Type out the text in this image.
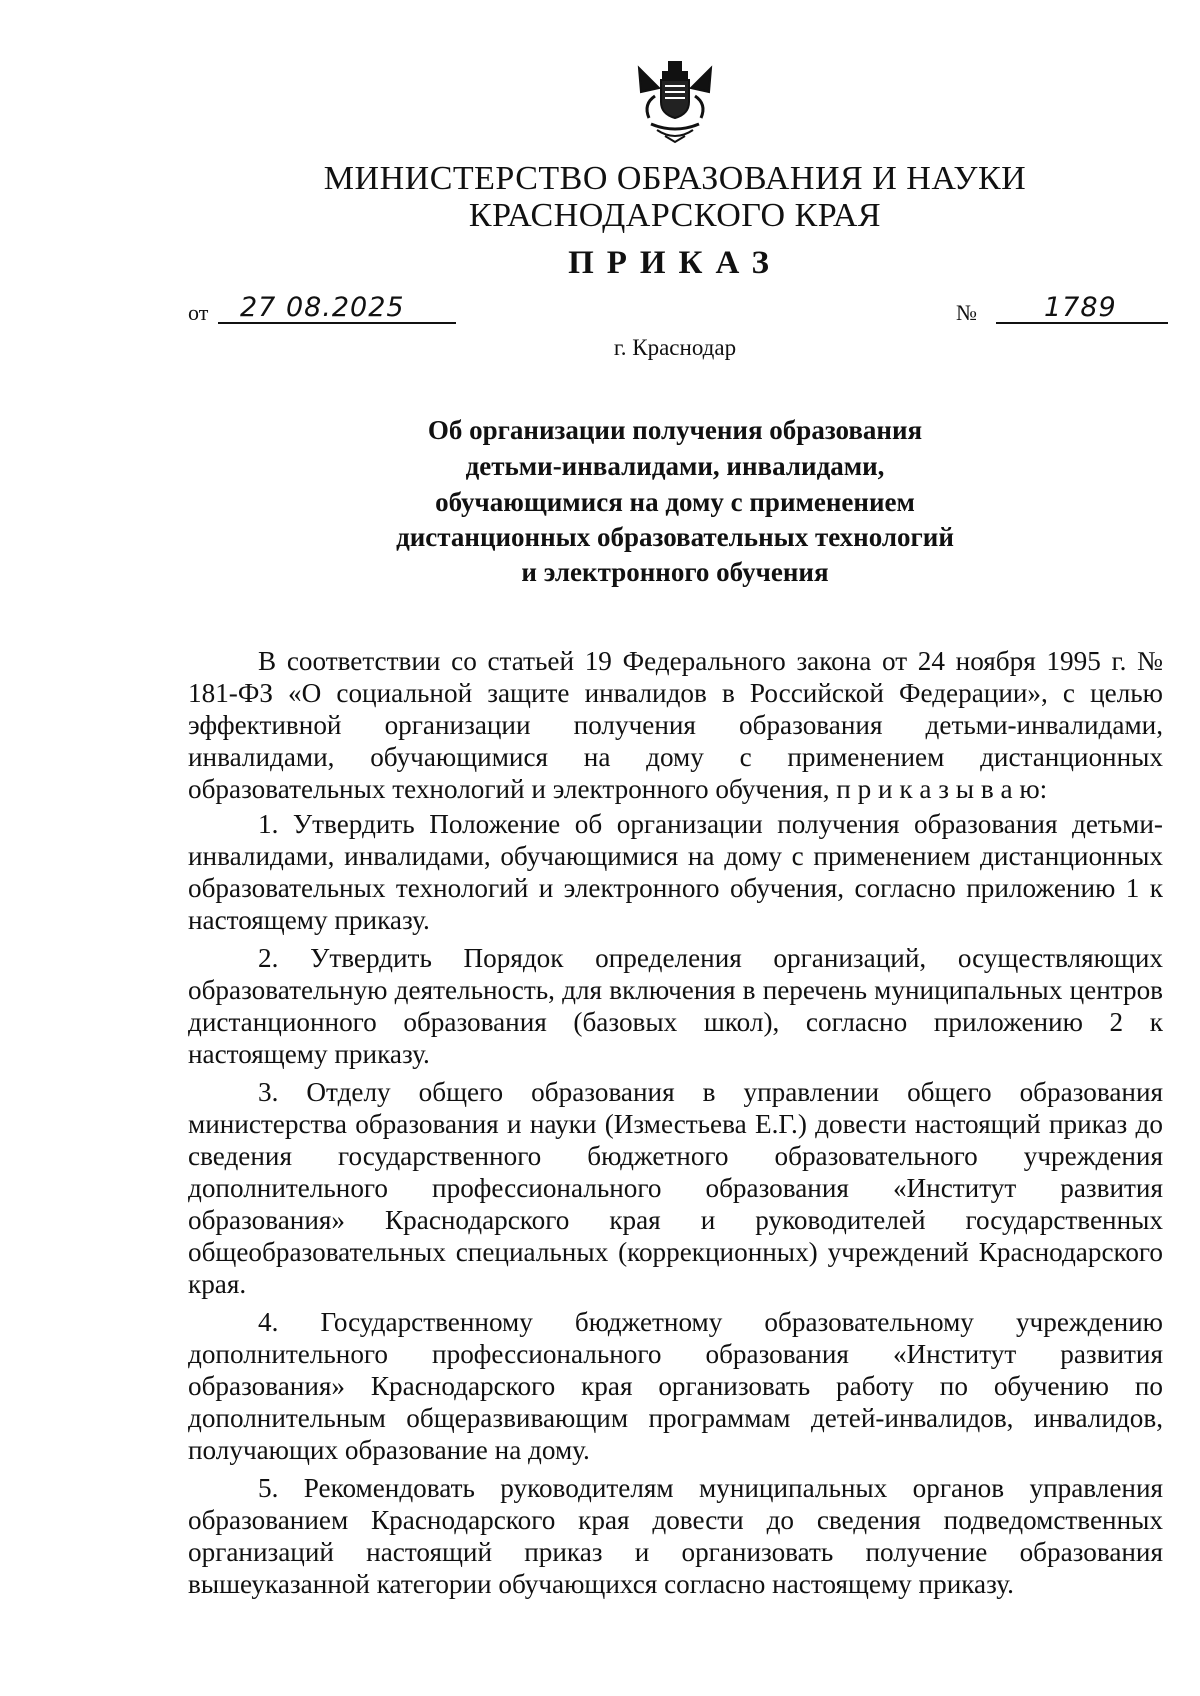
МИНИСТЕРСТВО ОБРАЗОВАНИЯ И НАУКИ
КРАСНОДАРСКОГО КРАЯ
ПРИКАЗ
от 27 08.2025	№ 1789
г. Краснодар
Об организации получения образования
детьми-инвалидами, инвалидами,
обучающимися на дому с применением
дистанционных образовательных технологий
и электронного обучения

В соответствии со статьей 19 Федерального закона от 24 ноября 1995 г. № 181-ФЗ «О социальной защите инвалидов в Российской Федерации», с целью эффективной организации получения образования детьми-инвалидами, инвалидами, обучающимися на дому с применением дистанционных образовательных технологий и электронного обучения, п р и к а з ы в а ю:

1. Утвердить Положение об организации получения образования детьми-инвалидами, инвалидами, обучающимися на дому с применением дистанционных образовательных технологий и электронного обучения, согласно приложению 1 к настоящему приказу.

2. Утвердить Порядок определения организаций, осуществляющих образовательную деятельность, для включения в перечень муниципальных центров дистанционного образования (базовых школ), согласно приложению 2 к настоящему приказу.

3. Отделу общего образования в управлении общего образования министерства образования и науки (Изместьева Е.Г.) довести настоящий приказ до сведения государственного бюджетного образовательного учреждения дополнительного профессионального образования «Институт развития образования» Краснодарского края и руководителей государственных общеобразовательных специальных (коррекционных) учреждений Краснодарского края.

4. Государственному бюджетному образовательному учреждению дополнительного профессионального образования «Институт развития образования» Краснодарского края организовать работу по обучению по дополнительным общеразвивающим программам детей-инвалидов, инвалидов, получающих образование на дому.

5. Рекомендовать руководителям муниципальных органов управления образованием Краснодарского края довести до сведения подведомственных организаций настоящий приказ и организовать получение образования вышеуказанной категории обучающихся согласно настоящему приказу.
